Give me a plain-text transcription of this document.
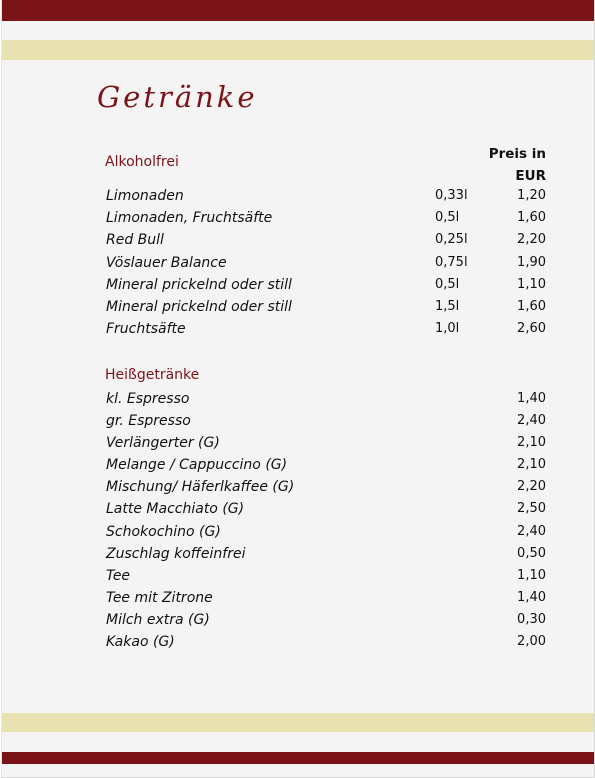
Getränke
Alkoholfrei	Preis in
EUR
Limonaden	0,33l	1,20
Limonaden, Fruchtsäfte	0,5l	1,60
Red Bull	0,25l	2,20
Vöslauer Balance	0,75l	1,90
Mineral prickelnd oder still	0,5l	1,10
Mineral prickelnd oder still	1,5l	1,60
Fruchtsäfte	1,0l	2,60
Heißgetränke
kl. Espresso	1,40
gr. Espresso	2,40
Verlängerter (G)	2,10
Melange / Cappuccino (G)	2,10
Mischung/ Häferlkaffee (G)	2,20
Latte Macchiato (G)	2,50
Schokochino (G)	2,40
Zuschlag koffeinfrei	0,50
Tee	1,10
Tee mit Zitrone	1,40
Milch extra (G)	0,30
Kakao (G)	2,00
